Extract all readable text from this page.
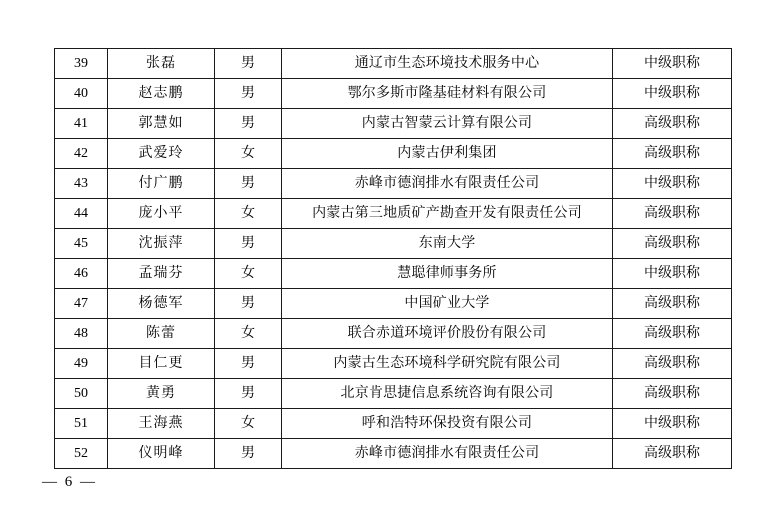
39	张磊	男	通辽市生态环境技术服务中心	中级职称
40	赵志鹏	男	鄂尔多斯市隆基硅材料有限公司	中级职称
41	郭慧如	男	内蒙古智蒙云计算有限公司	高级职称
42	武爱玲	女	内蒙古伊利集团	高级职称
43	付广鹏	男	赤峰市德润排水有限责任公司	中级职称
44	庞小平	女	内蒙古第三地质矿产勘查开发有限责任公司	高级职称
45	沈振萍	男	东南大学	高级职称
46	孟瑞芬	女	慧聪律师事务所	中级职称
47	杨德军	男	中国矿业大学	高级职称
48	陈蕾	女	联合赤道环境评价股份有限公司	高级职称
49	目仁更	男	内蒙古生态环境科学研究院有限公司	高级职称
50	黄勇	男	北京肯思捷信息系统咨询有限公司	高级职称
51	王海燕	女	呼和浩特环保投资有限公司	中级职称
52	仪明峰	男	赤峰市德润排水有限责任公司	高级职称
— 6 —
